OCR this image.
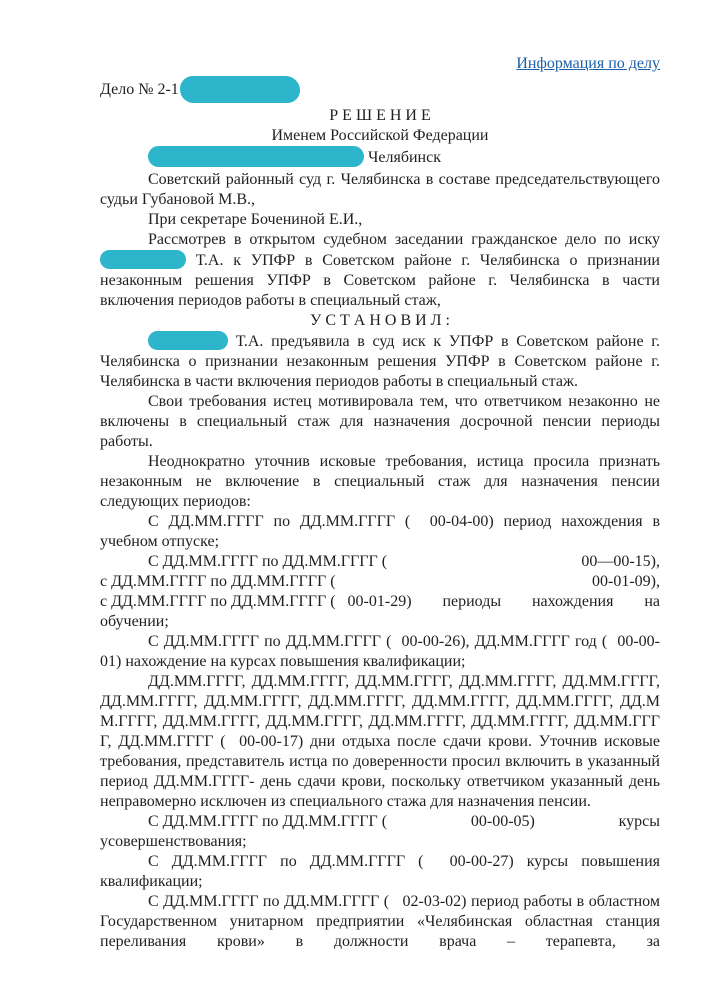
Информация по делу
Дело № 2-1
Р Е Ш Е Н И Е
Именем Российской Федерации
Челябинск

Советский районный суд г. Челябинска в составе председательствующего судьи Губановой М.В.,

При секретаре Бочениной Е.И.,

Рассмотрев в открытом судебном заседании гражданское дело по иску  Т.А. к УПФР в Советском районе г. Челябинска о признании незаконным решения УПФР в Советском районе г. Челябинска в части включения периодов работы в специальный стаж,

У С Т А Н О В И Л :

Т.А. предъявила в суд иск к УПФР в Советском районе г. Челябинска о признании незаконным решения УПФР в Советском районе г. Челябинска в части включения периодов работы в специальный стаж.

Свои требования истец мотивировала тем, что ответчиком незаконно не включены в специальный стаж для назначения досрочной пенсии периоды работы.

Неоднократно уточнив исковые требования, истица просила признать незаконным не включение в специальный стаж для назначения пенсии следующих периодов:

С ДД.ММ.ГГГГ по ДД.ММ.ГГГГ (  00-04-00) период нахождения в учебном отпуске;

С ДД.ММ.ГГГГ по ДД.ММ.ГГГГ (	00—00-15),
с ДД.ММ.ГГГГ по ДД.ММ.ГГГГ (	00-01-09),
с ДД.ММ.ГГГГ по ДД.ММ.ГГГГ (   00-01-29) периоды нахождения на
обучении;

С ДД.ММ.ГГГГ по ДД.ММ.ГГГГ (  00-00-26), ДД.ММ.ГГГГ год (  00-00-01) нахождение на курсах повышения квалификации;

ДД.ММ.ГГГГ, ДД.ММ.ГГГГ, ДД.ММ.ГГГГ, ДД.ММ.ГГГГ, ДД.ММ.ГГГГ, ДД.ММ.ГГГГ, ДД.ММ.ГГГГ, ДД.ММ.ГГГГ, ДД.ММ.ГГГГ, ДД.ММ.ГГГГ, ДД.ММ.ГГГГ, ДД.ММ.ГГГГ, ДД.ММ.ГГГГ, ДД.ММ.ГГГГ, ДД.ММ.ГГГГ, ДД.ММ.ГГГГ, ДД.ММ.ГГГГ (  00-00-17) дни отдыха после сдачи крови. Уточнив исковые требования, представитель истца по доверенности просил включить в указанный период ДД.ММ.ГГГГ- день сдачи крови, поскольку ответчиком указанный день неправомерно исключен из специального стажа для назначения пенсии.

С ДД.ММ.ГГГГ по ДД.ММ.ГГГГ (	00-00-05)	курсы
усовершенствования;

С ДД.ММ.ГГГГ по ДД.ММ.ГГГГ (  00-00-27) курсы повышения квалификации;

С ДД.ММ.ГГГГ по ДД.ММ.ГГГГ (   02-03-02) период работы в областном Государственном унитарном предприятии «Челябинская областная станция переливания крови» в должности врача – терапевта, за
